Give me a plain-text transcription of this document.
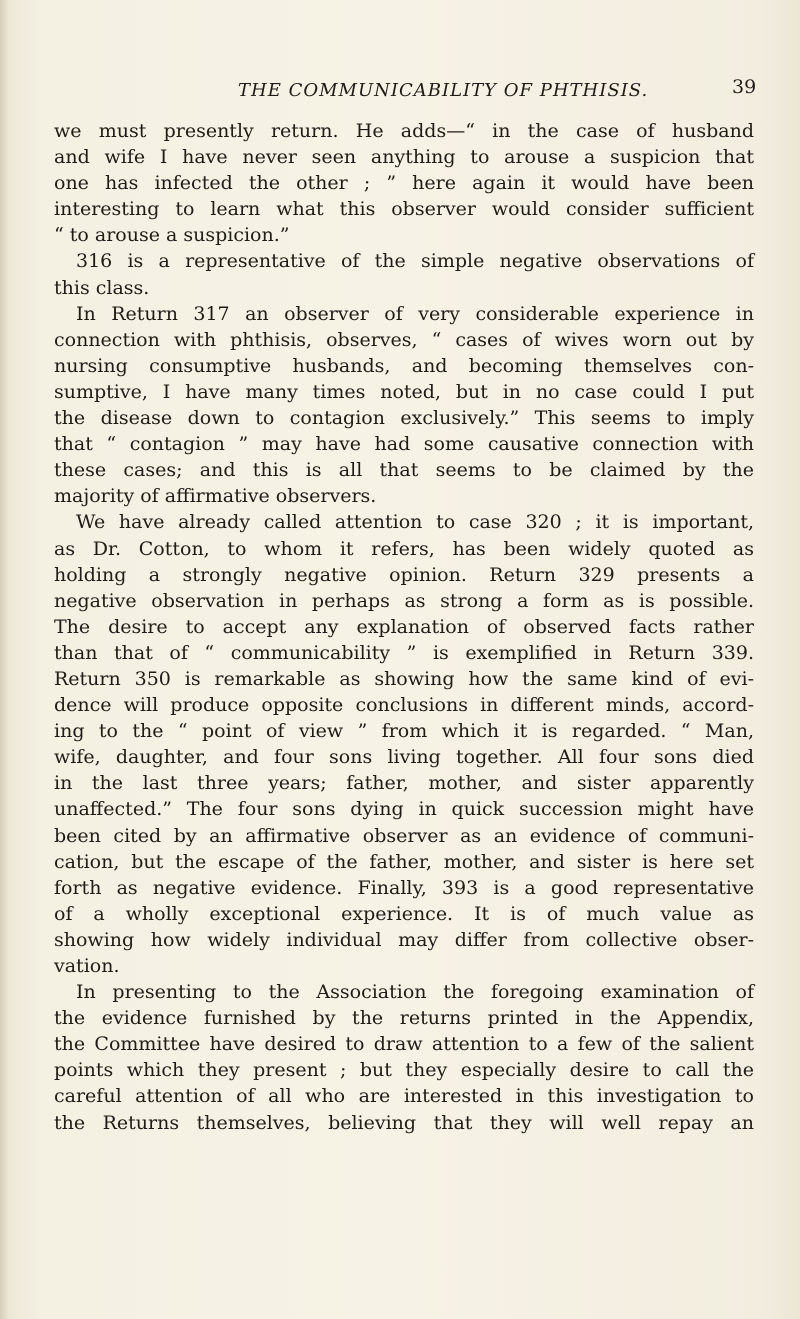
THE COMMUNICABILITY OF PHTHISIS.	39
we must presently return. He adds—“ in the case of husband
and wife I have never seen anything to arouse a suspicion that
one has infected the other ; ” here again it would have been
interesting to learn what this observer would consider sufficient
“ to arouse a suspicion.”
316 is a representative of the simple negative observations of
this class.
In Return 317 an observer of very considerable experience in
connection with phthisis, observes, “ cases of wives worn out by
nursing consumptive husbands, and becoming themselves con-
sumptive, I have many times noted, but in no case could I put
the disease down to contagion exclusively.” This seems to imply
that “ contagion ” may have had some causative connection with
these cases; and this is all that seems to be claimed by the
majority of affirmative observers.
We have already called attention to case 320 ; it is important,
as Dr. Cotton, to whom it refers, has been widely quoted as
holding a strongly negative opinion. Return 329 presents a
negative observation in perhaps as strong a form as is possible.
The desire to accept any explanation of observed facts rather
than that of “ communicability ” is exemplified in Return 339.
Return 350 is remarkable as showing how the same kind of evi-
dence will produce opposite conclusions in different minds, accord-
ing to the “ point of view ” from which it is regarded. “ Man,
wife, daughter, and four sons living together. All four sons died
in the last three years; father, mother, and sister apparently
unaffected.” The four sons dying in quick succession might have
been cited by an affirmative observer as an evidence of communi-
cation, but the escape of the father, mother, and sister is here set
forth as negative evidence. Finally, 393 is a good representative
of a wholly exceptional experience. It is of much value as
showing how widely individual may differ from collective obser-
vation.
In presenting to the Association the foregoing examination of
the evidence furnished by the returns printed in the Appendix,
the Committee have desired to draw attention to a few of the salient
points which they present ; but they especially desire to call the
careful attention of all who are interested in this investigation to
the Returns themselves, believing that they will well repay an
